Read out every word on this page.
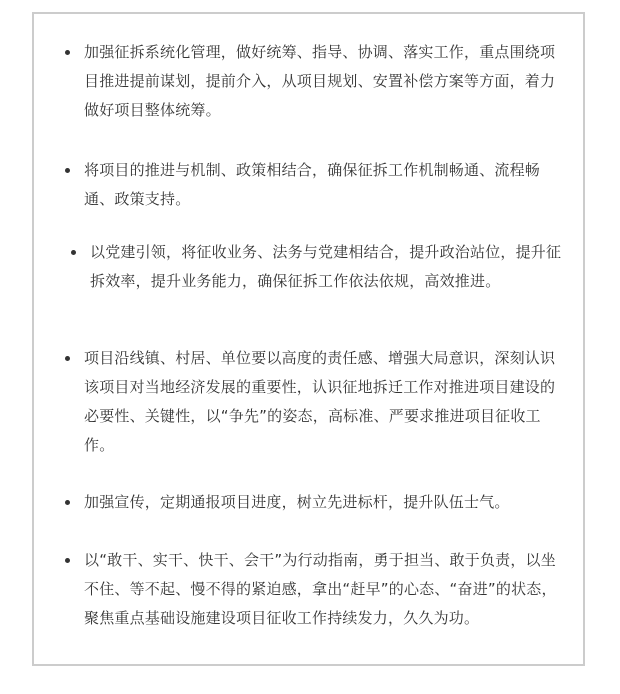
加强征拆系统化管理，做好统筹、指导、协调、落实工作，重点围绕项目推进提前谋划，提前介入，从项目规划、安置补偿方案等方面，着力做好项目整体统筹。
将项目的推进与机制、政策相结合，确保征拆工作机制畅通、流程畅通、政策支持。
以党建引领，将征收业务、法务与党建相结合，提升政治站位，提升征拆效率，提升业务能力，确保征拆工作依法依规，高效推进。
项目沿线镇、村居、单位要以高度的责任感、增强大局意识，深刻认识该项目对当地经济发展的重要性，认识征地拆迁工作对推进项目建设的必要性、关键性，以“争先”的姿态，高标准、严要求推进项目征收工作。
加强宣传，定期通报项目进度，树立先进标杆，提升队伍士气。
以“敢干、实干、快干、会干”为行动指南，勇于担当、敢于负责，以坐不住、等不起、慢不得的紧迫感，拿出“赶早”的心态、“奋进”的状态，聚焦重点基础设施建设项目征收工作持续发力，久久为功。
